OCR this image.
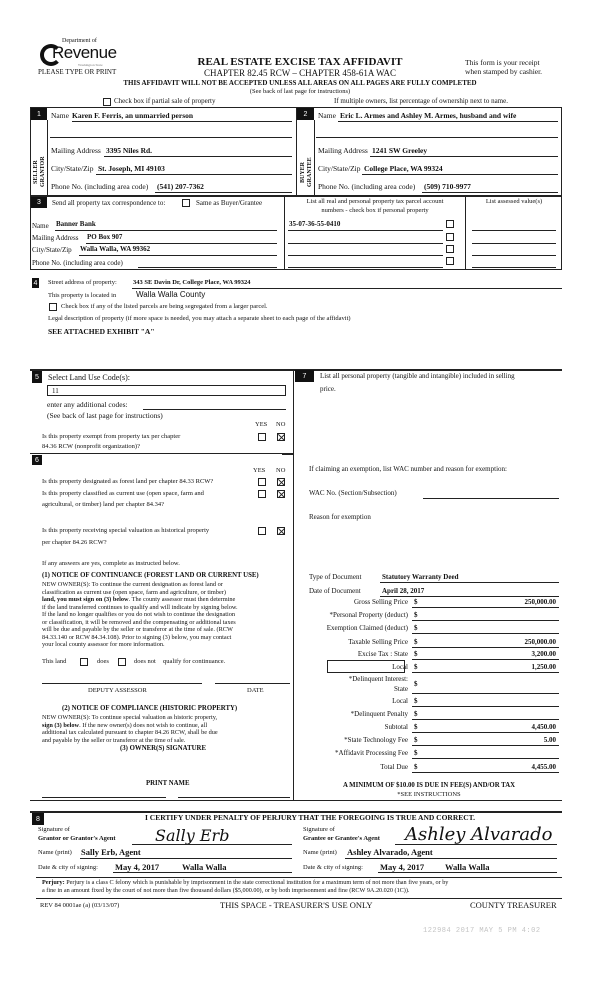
Department of
Revenue
Washington State
PLEASE TYPE OR PRINT
REAL ESTATE EXCISE TAX AFFIDAVIT
CHAPTER 82.45 RCW – CHAPTER 458-61A WAC
This form is your receipt
when stamped by cashier.
THIS AFFIDAVIT WILL NOT BE ACCEPTED UNLESS ALL AREAS ON ALL PAGES ARE FULLY COMPLETED
(See back of last page for instructions)
Check box if partial sale of property	If multiple owners, list percentage of ownership next to name.
1
SELLER GRANTOR
Name Karen F. Ferris, an unmarried person
Mailing Address 3395 Niles Rd.
City/State/Zip St. Joseph, MI 49103
Phone No. (including area code) (541) 207-7362
2
BUYER GRANTEE
Name Eric L. Armes and Ashley M. Armes, husband and wife
Mailing Address 1241 SW Greeley
City/State/Zip College Place, WA 99324
Phone No. (including area code) (509) 710-9977
3	Send all property tax correspondence to:	Same as Buyer/Grantee
Name Banner Bank
Mailing Address PO Box 907
City/State/Zip Walla Walla, WA 99362
Phone No. (including area code)
List all real and personal property tax parcel account
numbers - check box if personal property
List assessed value(s)
35-07-36-55-0410
4 Street address of property: 343 SE Davin Dr, College Place, WA 99324
This property is located in Walla Walla County
Check box if any of the listed parcels are being segregated from a larger parcel.
Legal description of property (if more space is needed, you may attach a separate sheet to each page of the affidavit)
SEE ATTACHED EXHIBIT "A"
5	Select Land Use Code(s):
11
enter any additional codes:
(See back of last page for instructions)
YES NO
Is this property exempt from property tax per chapter
84.36 RCW (nonprofit organization)?
6
YES NO
Is this property designated as forest land per chapter 84.33 RCW?
Is this property classified as current use (open space, farm and
agricultural, or timber) land per chapter 84.34?
Is this property receiving special valuation as historical property
per chapter 84.26 RCW?
If any answers are yes, complete as instructed below.
(1) NOTICE OF CONTINUANCE (FOREST LAND OR CURRENT USE)
NEW OWNER(S): To continue the current designation as forest land or
classification as current use (open space, farm and agriculture, or timber)
land, you must sign on (3) below. The county assessor must then determine
if the land transferred continues to qualify and will indicate by signing below.
If the land no longer qualifies or you do not wish to continue the designation
or classification, it will be removed and the compensating or additional taxes
will be due and payable by the seller or transferor at the time of sale. (RCW
84.33.140 or RCW 84.34.108). Prior to signing (3) below, you may contact
your local county assessor for more information.
This land	does	does not qualify for continuance.
DEPUTY ASSESSOR	DATE
(2) NOTICE OF COMPLIANCE (HISTORIC PROPERTY)
NEW OWNER(S): To continue special valuation as historic property,
sign (3) below. If the new owner(s) does not wish to continue, all
additional tax calculated pursuant to chapter 84.26 RCW, shall be due
and payable by the seller or transferor at the time of sale.
(3) OWNER(S) SIGNATURE
PRINT NAME
7	List all personal property (tangible and intangible) included in selling
price.
If claiming an exemption, list WAC number and reason for exemption:
WAC No. (Section/Subsection)
Reason for exemption
Type of Document	Statutory Warranty Deed
Date of Document	April 28, 2017
Gross Selling Price $	250,000.00
*Personal Property (deduct) $
Exemption Claimed (deduct) $
Taxable Selling Price $	250,000.00
Excise Tax : State $	3,200.00
Local $	1,250.00
*Delinquent Interest:
State
$
Local $
*Delinquent Penalty $
Subtotal $	4,450.00
*State Technology Fee $	5.00
*Affidavit Processing Fee $
Total Due $	4,455.00
A MINIMUM OF $10.00 IS DUE IN FEE(S) AND/OR TAX
*SEE INSTRUCTIONS
8	I CERTIFY UNDER PENALTY OF PERJURY THAT THE FOREGOING IS TRUE AND CORRECT.
Signature of
Grantor or Grantor's Agent Sally Erb
Name (print) Sally Erb, Agent
Date & city of signing: May 4, 2017	Walla Walla
Signature of
Grantee or Grantee's Agent Ashley Alvarado
Name (print) Ashley Alvarado, Agent
Date & city of signing: May 4, 2017 Walla Walla
Perjury: Perjury is a class C felony which is punishable by imprisonment in the state correctional institution for a maximum term of not more than five years, or by
a fine in an amount fixed by the court of not more than five thousand dollars ($5,000.00), or by both imprisonment and fine (RCW 9A.20.020 (1C)).
REV 84 0001ae (a) (03/13/07)	THIS SPACE - TREASURER'S USE ONLY	COUNTY TREASURER
122984 2017 MAY 5 PM 4:02
